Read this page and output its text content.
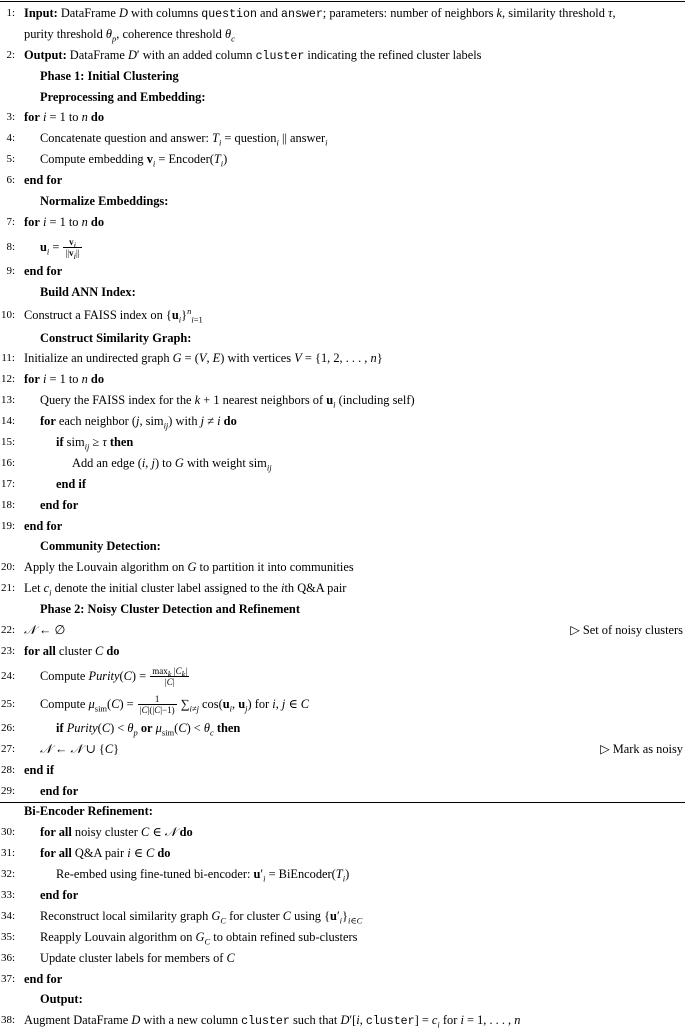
1: Input: DataFrame D with columns question and answer; parameters: number of neighbors k, similarity threshold τ,
purity threshold $\theta_p$, coherence threshold $\theta_c$
2: Output: DataFrame D′ with an added column cluster indicating the refined cluster labels
Phase 1: Initial Clustering
Preprocessing and Embedding:
3: for i = 1 to n do
4: Concatenate question and answer: $T_i$ = question$_i$ || answer$_i$
5: Compute embedding $v_i$ = $Encoder(T_i)$
6: end for
Normalize Embeddings:
7: for i = 1 to n do
8: $u_i = \frac{v_i}{||v_i||}$
9: end for
Build ANN Index:
10: Construct a FAISS index on $\{u_i\}^n_{i=1}$
Construct Similarity Graph:
11: Initialize an undirected graph G = (V, E) with vertices V = {1, 2, . . . , n}
12: for i = 1 to n do
13: Query the FAISS index for the k + 1 nearest neighbors of $u_i$ (including self)
14: for each neighbor (j, sim$_{ij}$) with j ≠ i do
15:	if sim$_{ij}$ ≥ τ then
16:	Add an edge (i, j) to G with weight sim$_{ij}$
17:	end if
18: end for
19: end for
Community Detection:
20: Apply the Louvain algorithm on G to partition it into communities
21: Let $c_i$ denote the initial cluster label assigned to the ith Q&A pair
Phase 2: Noisy Cluster Detection and Refinement
22: 𝒩 ← ∅	▷ Set of noisy clusters
23: for all cluster C do
24: Compute Purity(C) = $\frac{\max_k |C_k|}{|C|}$
25: Compute $\mu_{sim}(C) = \frac{1}{|C|(|C|-1)} \sum_{i\ne j}$ $\cos(u_i$, $u_j$) for i, j ∈ C
26:	if Purity(C) < $\theta_p$ or $\mu_{sim}(C) < \theta_c$ then
27: 𝒩 ← 𝒩 ∪ {C}	▷ Mark as noisy
28: end if
29: end for
Bi-Encoder Refinement:
30: for all noisy cluster C ∈ 𝒩 do
31: for all Q&A pair i ∈ C do
32:	Re-embed using fine-tuned bi-encoder: $u'_i$ = $BiEncoder(T_i)$
33: end for
34: Reconstruct local similarity graph $G_C$ for cluster C using $\{u'_i\}_{i\in C}$
35: Reapply Louvain algorithm on $G_C$ to obtain refined sub-clusters
36: Update cluster labels for members of C
37: end for
Output:
38: Augment DataFrame D with a new column cluster such that D′[i, cluster] = $c_i$ for i = 1, . . . , n
